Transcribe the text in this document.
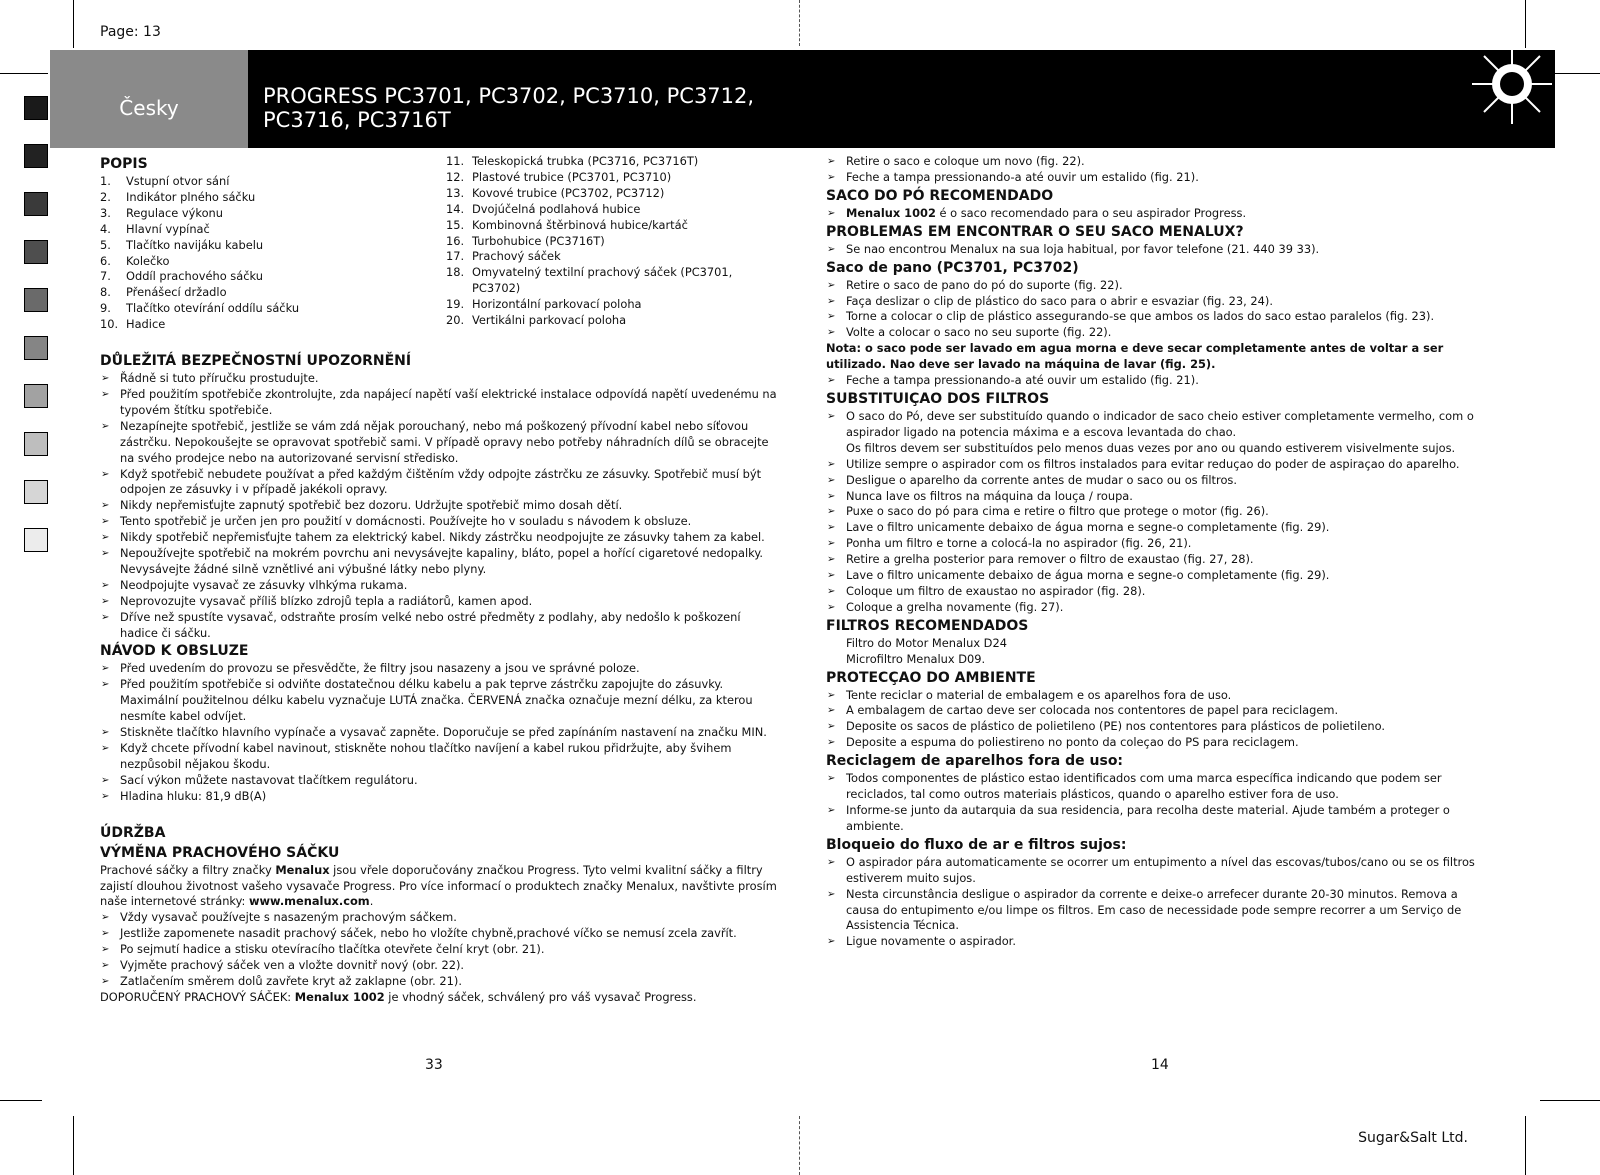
Page: 13
Česky	PROGRESS PC3701, PC3702, PC3710, PC3712,
PC3716, PC3716T
POPIS
1.	Vstupní otvor sání
2.	Indikátor plného sáčku
3.	Regulace výkonu
4.	Hlavní vypínač
5.	Tlačítko navijáku kabelu
6.	Kolečko
7.	Oddíl prachového sáčku
8.	Přenášecí držadlo
9.	Tlačítko otevírání oddílu sáčku
10. Hadice
11. Teleskopická trubka (PC3716, PC3716T)
12. Plastové trubice (PC3701, PC3710)
13. Kovové trubice (PC3702, PC3712)
14. Dvojúčelná podlahová hubice
15. Kombinovná štěrbinová hubice/kartáč
16. Turbohubice (PC3716T)
17. Prachový sáček
18. Omyvatelný textilní prachový sáček (PC3701, PC3702)
19. Horizontální parkovací poloha
20. Vertikálni parkovací poloha
DŮLEŽITÁ BEZPEČNOSTNÍ UPOZORNĚNÍ
➢ Řádně si tuto příručku prostudujte.
➢ Před použitím spotřebiče zkontrolujte, zda napájecí napětí vaší elektrické instalace odpovídá napětí uvedenému na typovém štítku spotřebiče.
➢ Nezapínejte spotřebič, jestliže se vám zdá nějak porouchaný, nebo má poškozený přívodní kabel nebo síťovou zástrčku. Nepokoušejte se opravovat spotřebič sami. V případě opravy nebo potřeby náhradních dílů se obracejte na svého prodejce nebo na autorizované servisní středisko.
➢ Když spotřebič nebudete používat a před každým čištěním vždy odpojte zástrčku ze zásuvky. Spotřebič musí být odpojen ze zásuvky i v případě jakékoli opravy.
➢ Nikdy nepřemisťujte zapnutý spotřebič bez dozoru. Udržujte spotřebič mimo dosah dětí.
➢ Tento spotřebič je určen jen pro použití v domácnosti. Používejte ho v souladu s návodem k obsluze.
➢ Nikdy spotřebič nepřemisťujte tahem za elektrický kabel. Nikdy zástrčku neodpojujte ze zásuvky tahem za kabel.
➢ Nepoužívejte spotřebič na mokrém povrchu ani nevysávejte kapaliny, bláto, popel a hořící cigaretové nedopalky. Nevysávejte žádné silně vznětlivé ani výbušné látky nebo plyny.
➢ Neodpojujte vysavač ze zásuvky vlhkýma rukama.
➢ Neprovozujte vysavač příliš blízko zdrojů tepla a radiátorů, kamen apod.
➢ Dříve než spustíte vysavač, odstraňte prosím velké nebo ostré předměty z podlahy, aby nedošlo k poškození hadice či sáčku.
NÁVOD K OBSLUZE
➢ Před uvedením do provozu se přesvědčte, že filtry jsou nasazeny a jsou ve správné poloze.
➢ Před použitím spotřebiče si odviňte dostatečnou délku kabelu a pak teprve zástrčku zapojujte do zásuvky. Maximální použitelnou délku kabelu vyznačuje LUTÁ značka. ČERVENÁ značka označuje mezní délku, za kterou nesmíte kabel odvíjet.
➢ Stiskněte tlačítko hlavního vypínače a vysavač zapněte. Doporučuje se před zapínáním nastavení na značku MIN.
➢ Když chcete přívodní kabel navinout, stiskněte nohou tlačítko navíjení a kabel rukou přidržujte, aby švihem nezpůsobil nějakou škodu.
➢ Sací výkon můžete nastavovat tlačítkem regulátoru.
➢ Hladina hluku: 81,9 dB(A)
ÚDRŽBA
VÝMĚNA PRACHOVÉHO SÁČKU

Prachové sáčky a filtry značky Menalux jsou vřele doporučovány značkou Progress. Tyto velmi kvalitní sáčky a filtry zajistí dlouhou životnost vašeho vysavače Progress. Pro více informací o produktech značky Menalux, navštivte prosím naše internetové stránky: www.menalux.com.

➢ Vždy vysavač používejte s nasazeným prachovým sáčkem.
➢ Jestliže zapomenete nasadit prachový sáček, nebo ho vložíte chybně,prachové víčko se nemusí zcela zavřít.
➢ Po sejmutí hadice a stisku otevíracího tlačítka otevřete čelní kryt (obr. 21).
➢ Vyjměte prachový sáček ven a vložte dovnitř nový (obr. 22).
➢ Zatlačením směrem dolů zavřete kryt až zaklapne (obr. 21).

DOPORUČENÝ PRACHOVÝ SÁČEK: Menalux 1002 je vhodný sáček, schválený pro váš vysavač Progress.

➢ Retire o saco e coloque um novo (fig. 22).
➢ Feche a tampa pressionando-a até ouvir um estalido (fig. 21).
SACO DO PÓ RECOMENDADO
➢ Menalux 1002 é o saco recomendado para o seu aspirador Progress.
PROBLEMAS EM ENCONTRAR O SEU SACO MENALUX?
➢ Se nao encontrou Menalux na sua loja habitual, por favor telefone (21. 440 39 33).
Saco de pano (PC3701, PC3702)
➢ Retire o saco de pano do pó do suporte (fig. 22).
➢ Faça deslizar o clip de plástico do saco para o abrir e esvaziar (fig. 23, 24).
➢ Torne a colocar o clip de plástico assegurando-se que ambos os lados do saco estao paralelos (fig. 23).
➢ Volte a colocar o saco no seu suporte (fig. 22).

Nota: o saco pode ser lavado em agua morna e deve secar completamente antes de voltar a ser utilizado. Nao deve ser lavado na máquina de lavar (fig. 25).

➢ Feche a tampa pressionando-a até ouvir um estalido (fig. 21).
SUBSTITUIÇAO DOS FILTROS
➢ O saco do Pó, deve ser substituído quando o indicador de saco cheio estiver completamente vermelho, com o aspirador ligado na potencia máxima e a escova levantada do chao.
Os filtros devem ser substituídos pelo menos duas vezes por ano ou quando estiverem visivelmente sujos.
➢ Utilize sempre o aspirador com os filtros instalados para evitar reduçao do poder de aspiraçao do aparelho.
➢ Desligue o aparelho da corrente antes de mudar o saco ou os filtros.
➢ Nunca lave os filtros na máquina da louça / roupa.
➢ Puxe o saco do pó para cima e retire o filtro que protege o motor (fig. 26).
➢ Lave o filtro unicamente debaixo de água morna e segne-o completamente (fig. 29).
➢ Ponha um filtro e torne a colocá-la no aspirador (fig. 26, 21).
➢ Retire a grelha posterior para remover o filtro de exaustao (fig. 27, 28).
➢ Lave o filtro unicamente debaixo de água morna e segne-o completamente (fig. 29).
➢ Coloque um filtro de exaustao no aspirador (fig. 28).
➢ Coloque a grelha novamente (fig. 27).
FILTROS RECOMENDADOS
Filtro do Motor Menalux D24
Microfiltro Menalux D09.
PROTECÇAO DO AMBIENTE
➢ Tente reciclar o material de embalagem e os aparelhos fora de uso.
➢ A embalagem de cartao deve ser colocada nos contentores de papel para reciclagem.
➢ Deposite os sacos de plástico de polietileno (PE) nos contentores para plásticos de polietileno.
➢ Deposite a espuma do poliestireno no ponto da coleçao do PS para reciclagem.
Reciclagem de aparelhos fora de uso:
➢ Todos componentes de plástico estao identificados com uma marca específica indicando que podem ser reciclados, tal como outros materiais plásticos, quando o aparelho estiver fora de uso.
➢ Informe-se junto da autarquia da sua residencia, para recolha deste material. Ajude também a proteger o ambiente.
Bloqueio do fluxo de ar e filtros sujos:
➢ O aspirador pára automaticamente se ocorrer um entupimento a nível das escovas/tubos/cano ou se os filtros estiverem muito sujos.
➢ Nesta circunstância desligue o aspirador da corrente e deixe-o arrefecer durante 20-30 minutos. Remova a causa do entupimento e/ou limpe os filtros. Em caso de necessidade pode sempre recorrer a um Serviço de Assistencia Técnica.
➢ Ligue novamente o aspirador.
33	14
Sugar&Salt Ltd.
